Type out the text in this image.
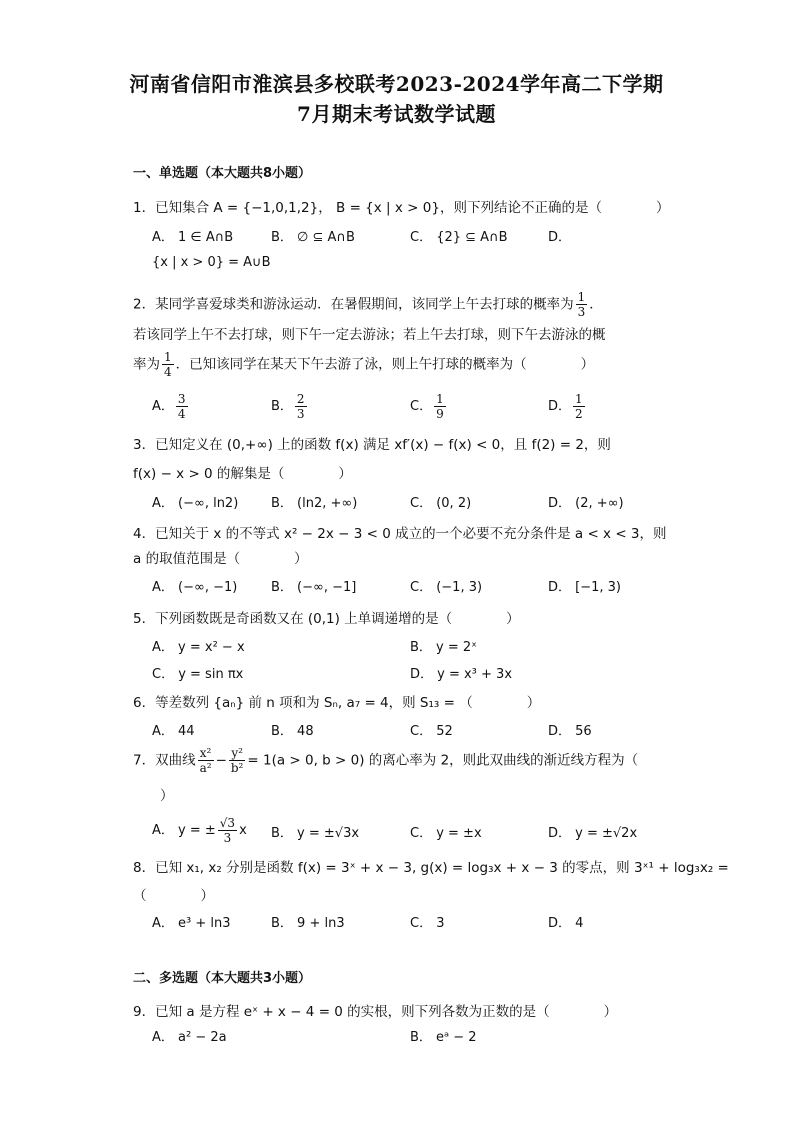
河南省信阳市淮滨县多校联考2023-2024学年高二下学期
7月期末考试数学试题
一、单选题（本大题共8小题）
1．已知集合 A = {−1,0,1,2}， B = {x | x > 0}，则下列结论不正确的是（　　　　）
A． 1 ∈ A∩B	B． ∅ ⊆ A∩B	C． {2} ⊆ A∩B	D．
{x | x > 0} = A∪B
2．某同学喜爱球类和游泳运动．在暑假期间，该同学上午去打球的概率为 $\frac{1}{3}$ ．
若该同学上午不去打球，则下午一定去游泳；若上午去打球，则下午去游泳的概
率为 $\frac{1}{4}$ ．已知该同学在某天下午去游了泳，则上午打球的概率为（　　　　）
A． $\frac{3}{4}$	B． $\frac{2}{3}$	C． $\frac{1}{9}$	D． $\frac{1}{2}$
3．已知定义在 (0,+∞) 上的函数 f(x) 满足 xf′(x) − f(x) < 0，且 f(2) = 2，则
f(x) − x > 0 的解集是（　　　　）
A． (−∞, ln2)	B． (ln2, +∞)	C． (0, 2)	D． (2, +∞)
4．已知关于 x 的不等式 x² − 2x − 3 < 0 成立的一个必要不充分条件是 a < x < 3，则
a 的取值范围是（　　　　）
A． (−∞, −1)	B． (−∞, −1]	C． (−1, 3)	D． [−1, 3)
5．下列函数既是奇函数又在 (0,1) 上单调递增的是（　　　　）
A． y = x² − x	B． y = 2ˣ
C． y = sin πx	D． y = x³ + 3x
6．等差数列 {aₙ} 前 n 项和为 Sₙ, a₇ = 4，则 S₁₃ = （　　　　）
A． 44	B． 48	C． 52	D． 56
7．双曲线 $\frac{\text{x²}}{\text{a²}} - \frac{\text{y²}}{\text{b²}} = 1(a > 0$, b > 0) 的离心率为 2，则此双曲线的渐近线方程为（
　　）
A． y = ± $\frac{√3}{3}$ x B． y = ±√3x	C． y = ±x	D． y = ±√2x
8．已知 x₁, x₂ 分别是函数 f(x) = 3ˣ + x − 3, g(x) = log₃x + x − 3 的零点，则 3ˣ¹ + log₃x₂ =
（　　　　）
A． e³ + ln3	B． 9 + ln3	C． 3	D． 4
二、多选题（本大题共3小题）
9．已知 a 是方程 eˣ + x − 4 = 0 的实根，则下列各数为正数的是（　　　　）
A． a² − 2a	B． eᵃ − 2
